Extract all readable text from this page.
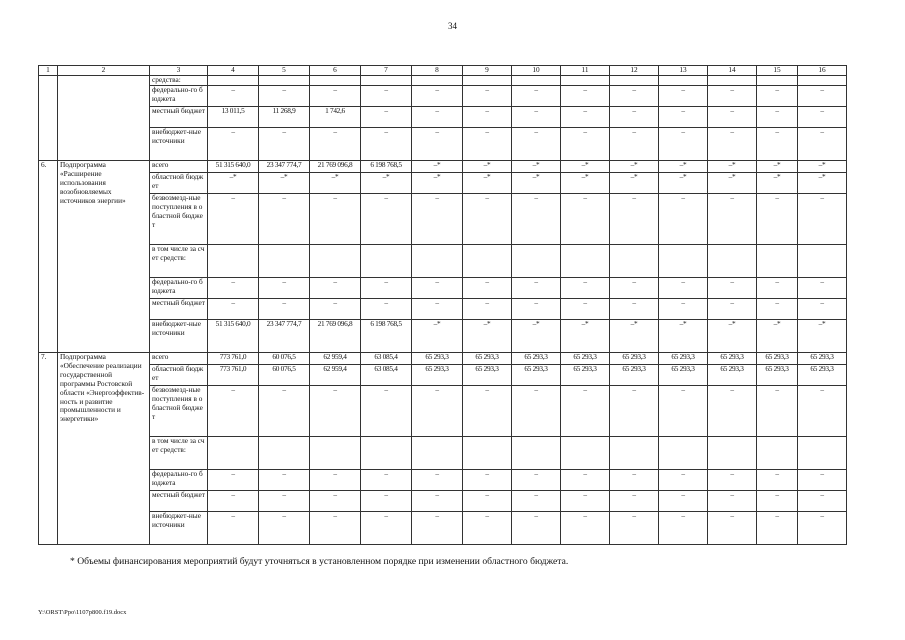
34
1	2	3	4	5	6	7	8	9	10	11	12	13	14	15	16
		средства:													
		федерально-го бюджета	–	–	–	–	–	–	–	–	–	–	–	–	–
		местный бюджет	13 011,5	11 268,9	1 742,6	–	–	–	–	–	–	–	–	–	–
		внебюджет-ные источники	–	–	–	–	–	–	–	–	–	–	–	–	–
6.	Подпрограмма «Расширение использования возобновляемых источников энергии»	всего	51 315 640,0	23 347 774,7	21 769 096,8	6 198 768,5	–*	–*	–*	–*	–*	–*	–*	–*	–*
		областной бюджет	–*	–*	–*	–*	–*	–*	–*	–*	–*	–*	–*	–*	–*
		безвозмезд-ные поступления в областной бюджет	–	–	–	–	–	–	–	–	–	–	–	–	–
		в том числе за счет средств:													
		федерально-го бюджета	–	–	–	–	–	–	–	–	–	–	–	–	–
		местный бюджет	–	–	–	–	–	–	–	–	–	–	–	–	–
		внебюджет-ные источники	51 315 640,0	23 347 774,7	21 769 096,8	6 198 768,5	–*	–*	–*	–*	–*	–*	–*	–*	–*
7.	Подпрограмма «Обеспечение реализации государственной программы Ростовской области «Энергоэффектив-ность и развитие промышленности и энергетики»	всего	773 761,0	60 076,5	62 959,4	63 085,4	65 293,3	65 293,3	65 293,3	65 293,3	65 293,3	65 293,3	65 293,3	65 293,3	65 293,3
		областной бюджет	773 761,0	60 076,5	62 959,4	63 085,4	65 293,3	65 293,3	65 293,3	65 293,3	65 293,3	65 293,3	65 293,3	65 293,3	65 293,3
		безвозмезд-ные поступления в областной бюджет	–	–	–	–	–	–	–	–	–	–	–	–	–
		в том числе за счет средств:													
		федерально-го бюджета	–	–	–	–	–	–	–	–	–	–	–	–	–
		местный бюджет	–	–	–	–	–	–	–	–	–	–	–	–	–
		внебюджет-ные источники	–	–	–	–	–	–	–	–	–	–	–	–	–
* Объемы финансирования мероприятий будут уточняться в установленном порядке при изменении областного бюджета.
Y:\ORST\Ppo\1107p800.f19.docx
